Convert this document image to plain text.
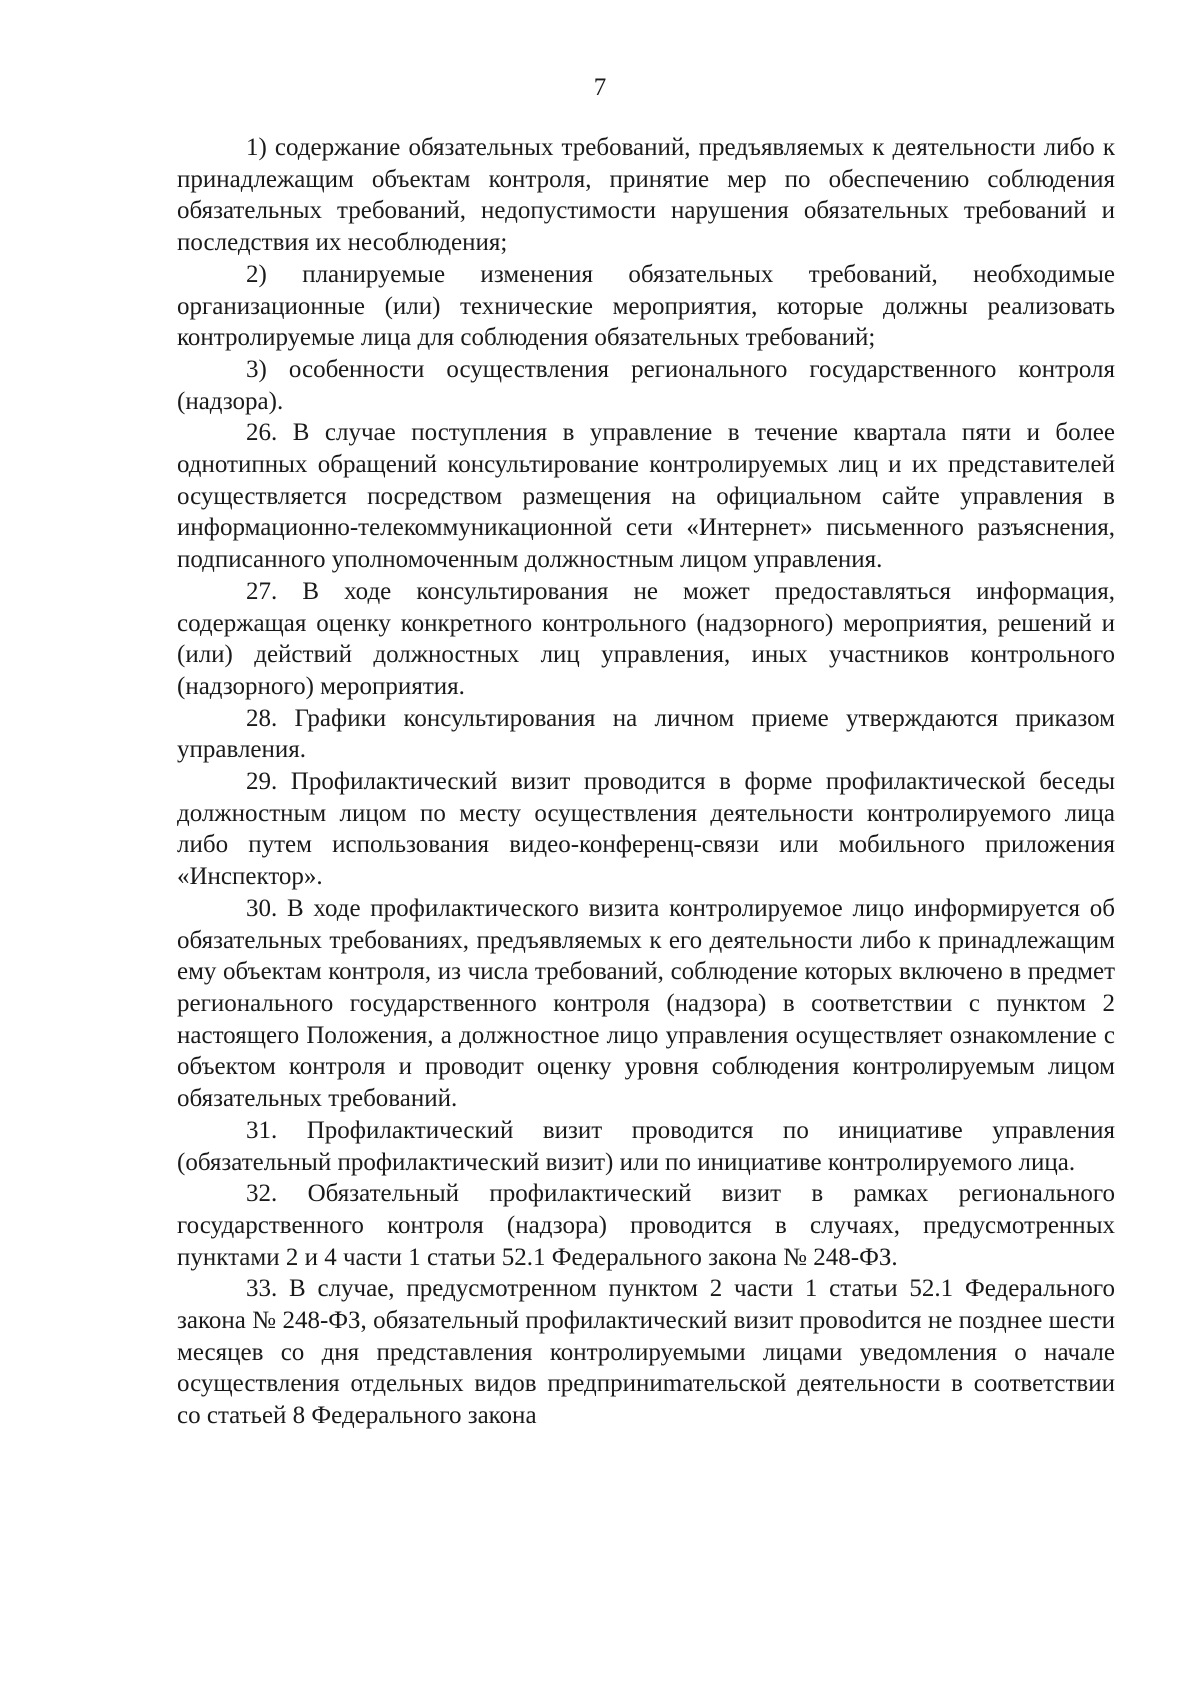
7

1) содержание обязательных требований, предъявляемых к деятельности либо к принадлежащим объектам контроля, принятие мер по обеспечению соблюдения обязательных требований, недопустимости нарушения обязательных требований и последствия их несоблюдения;

2) планируемые изменения обязательных требований, необходимые организационные (или) технические мероприятия, которые должны реализовать контролируемые лица для соблюдения обязательных требований;

3) особенности осуществления регионального государственного контроля (надзора).

26. В случае поступления в управление в течение квартала пяти и более однотипных обращений консультирование контролируемых лиц и их представителей осуществляется посредством размещения на официальном сайте управления в информационно-телекоммуникационной сети «Интернет» письменного разъяснения, подписанного уполномоченным должностным лицом управления.

27. В ходе консультирования не может предоставляться информация, содержащая оценку конкретного контрольного (надзорного) мероприятия, решений и (или) действий должностных лиц управления, иных участников контрольного (надзорного) мероприятия.

28. Графики консультирования на личном приеме утверждаются приказом управления.

29. Профилактический визит проводится в форме профилактической беседы должностным лицом по месту осуществления деятельности контролируемого лица либо путем использования видео-конференц-связи или мобильного приложения «Инспектор».

30. В ходе профилактического визита контролируемое лицо информируется об обязательных требованиях, предъявляемых к его деятельности либо к принадлежащим ему объектам контроля, из числа требований, соблюдение которых включено в предмет регионального государственного контроля (надзора) в соответствии с пунктом 2 настоящего Положения, а должностное лицо управления осуществляет ознакомление с объектом контроля и проводит оценку уровня соблюдения контролируемым лицом обязательных требований.

31. Профилактический визит проводится по инициативе управления (обязательный профилактический визит) или по инициативе контролируемого лица.

32. Обязательный профилактический визит в рамках регионального государственного контроля (надзора) проводится в случаях, предусмотренных пунктами 2 и 4 части 1 статьи 52.1 Федерального закона № 248-ФЗ.

33. В случае, предусмотренном пунктом 2 части 1 статьи 52.1 Федерального закона № 248-ФЗ, обязательный профилактический визит провоdится не позднее шести месяцев со дня представления контролируемыми лицами уведомления о начале осуществления отдельных видов предприниmательской деятельности в соответствии со статьей 8 Федерального закона
